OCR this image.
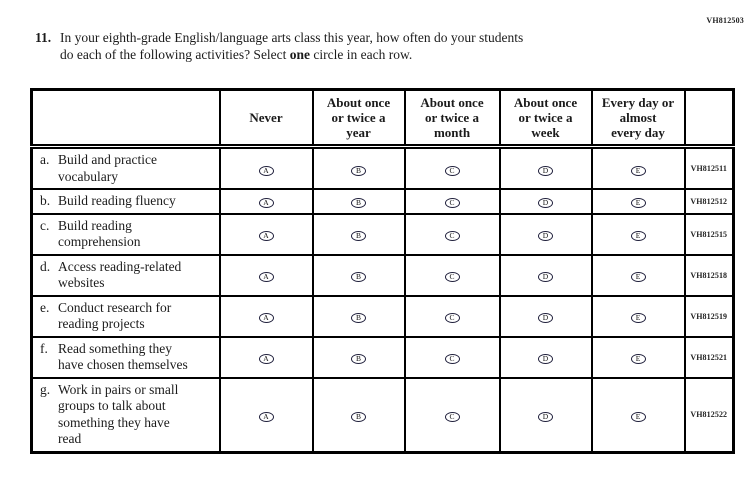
VH812503
11. In your eighth-grade English/language arts class this year, how often do your students
do each of the following activities? Select one circle in each row.

Never

About once
or twice a
year

About once
or twice a
month

About once
or twice a
week

Every day or
almost
every day

a. Build and practice vocabulary	A	B	C	D	E	VH812511

b. Build reading fluency	A	B	C	D	E	VH812512

c. Build reading comprehension	A	B	C	D	E	VH812515

d. Access reading-related websites	A	B	C	D	E	VH812518

e. Conduct research for reading projects	A	B	C	D	E	VH812519

f. Read something they have chosen themselves	A	B	C	D	E	VH812521

g. Work in pairs or small groups to talk about something they have read	A	B	C	D	E	VH812522
